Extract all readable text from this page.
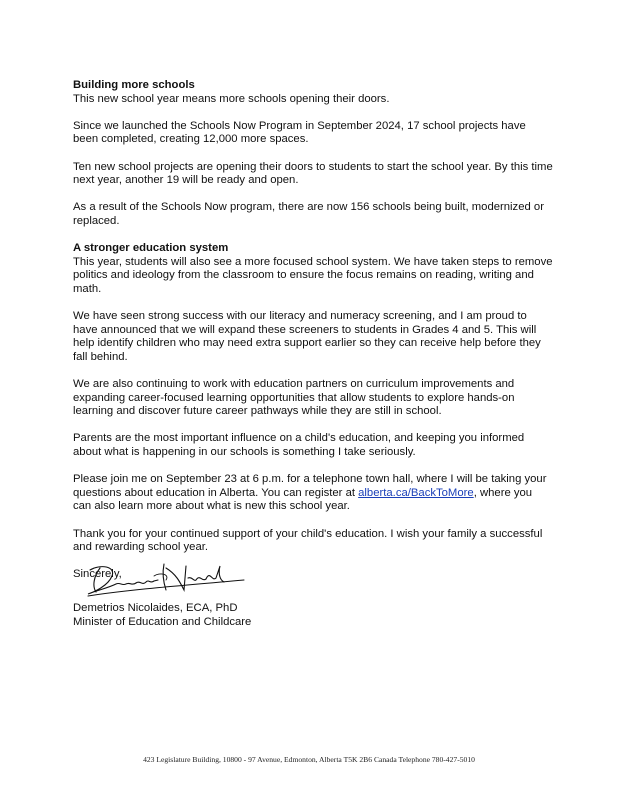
Building more schools

This new school year means more schools opening their doors.

Since we launched the Schools Now Program in September 2024, 17 school projects have been completed, creating 12,000 more spaces.

Ten new school projects are opening their doors to students to start the school year. By this time next year, another 19 will be ready and open.

As a result of the Schools Now program, there are now 156 schools being built, modernized or replaced.

A stronger education system

This year, students will also see a more focused school system. We have taken steps to remove politics and ideology from the classroom to ensure the focus remains on reading, writing and math.

We have seen strong success with our literacy and numeracy screening, and I am proud to have announced that we will expand these screeners to students in Grades 4 and 5. This will help identify children who may need extra support earlier so they can receive help before they fall behind.

We are also continuing to work with education partners on curriculum improvements and expanding career-focused learning opportunities that allow students to explore hands-on learning and discover future career pathways while they are still in school.

Parents are the most important influence on a child's education, and keeping you informed about what is happening in our schools is something I take seriously.

Please join me on September 23 at 6 p.m. for a telephone town hall, where I will be taking your questions about education in Alberta. You can register at alberta.ca/BackToMore, where you can also learn more about what is new this school year.

Thank you for your continued support of your child's education. I wish your family a successful and rewarding school year.

Sincerely,

Demetrios Nicolaides, ECA, PhD
Minister of Education and Childcare
423 Legislature Building, 10800 - 97 Avenue, Edmonton, Alberta T5K 2B6 Canada Telephone 780-427-5010
